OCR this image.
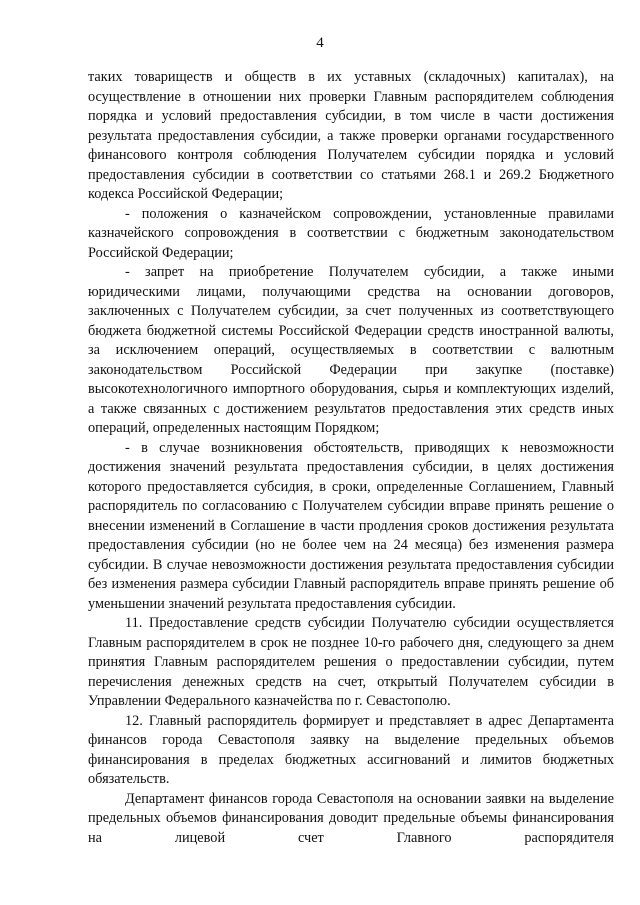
4

таких товариществ и обществ в их уставных (складочных) капиталах), на осуществление в отношении них проверки Главным распорядителем соблюдения порядка и условий предоставления субсидии, в том числе в части достижения результата предоставления субсидии, а также проверки органами государственного финансового контроля соблюдения Получателем субсидии порядка и условий предоставления субсидии в соответствии со статьями 268.1 и 269.2 Бюджетного кодекса Российской Федерации;

- положения о казначейском сопровождении, установленные правилами казначейского сопровождения в соответствии с бюджетным законодательством Российской Федерации;

- запрет на приобретение Получателем субсидии, а также иными юридическими лицами, получающими средства на основании договоров, заключенных с Получателем субсидии, за счет полученных из соответствующего бюджета бюджетной системы Российской Федерации средств иностранной валюты, за исключением операций, осуществляемых в соответствии с валютным законодательством Российской Федерации при закупке (поставке) высокотехнологичного импортного оборудования, сырья и комплектующих изделий, а также связанных с достижением результатов предоставления этих средств иных операций, определенных настоящим Порядком;

- в случае возникновения обстоятельств, приводящих к невозможности достижения значений результата предоставления субсидии, в целях достижения которого предоставляется субсидия, в сроки, определенные Соглашением, Главный распорядитель по согласованию с Получателем субсидии вправе принять решение о внесении изменений в Соглашение в части продления сроков достижения результата предоставления субсидии (но не более чем на 24 месяца) без изменения размера субсидии. В случае невозможности достижения результата предоставления субсидии без изменения размера субсидии Главный распорядитель вправе принять решение об уменьшении значений результата предоставления субсидии.

11. Предоставление средств субсидии Получателю субсидии осуществляется Главным распорядителем в срок не позднее 10-го рабочего дня, следующего за днем принятия Главным распорядителем решения о предоставлении субсидии, путем перечисления денежных средств на счет, открытый Получателем субсидии в Управлении Федерального казначейства по г. Севастополю.

12. Главный распорядитель формирует и представляет в адрес Департамента финансов города Севастополя заявку на выделение предельных объемов финансирования в пределах бюджетных ассигнований и лимитов бюджетных обязательств.

Департамент финансов города Севастополя на основании заявки на выделение предельных объемов финансирования доводит предельные объемы финансирования на лицевой счет Главного распорядителя
